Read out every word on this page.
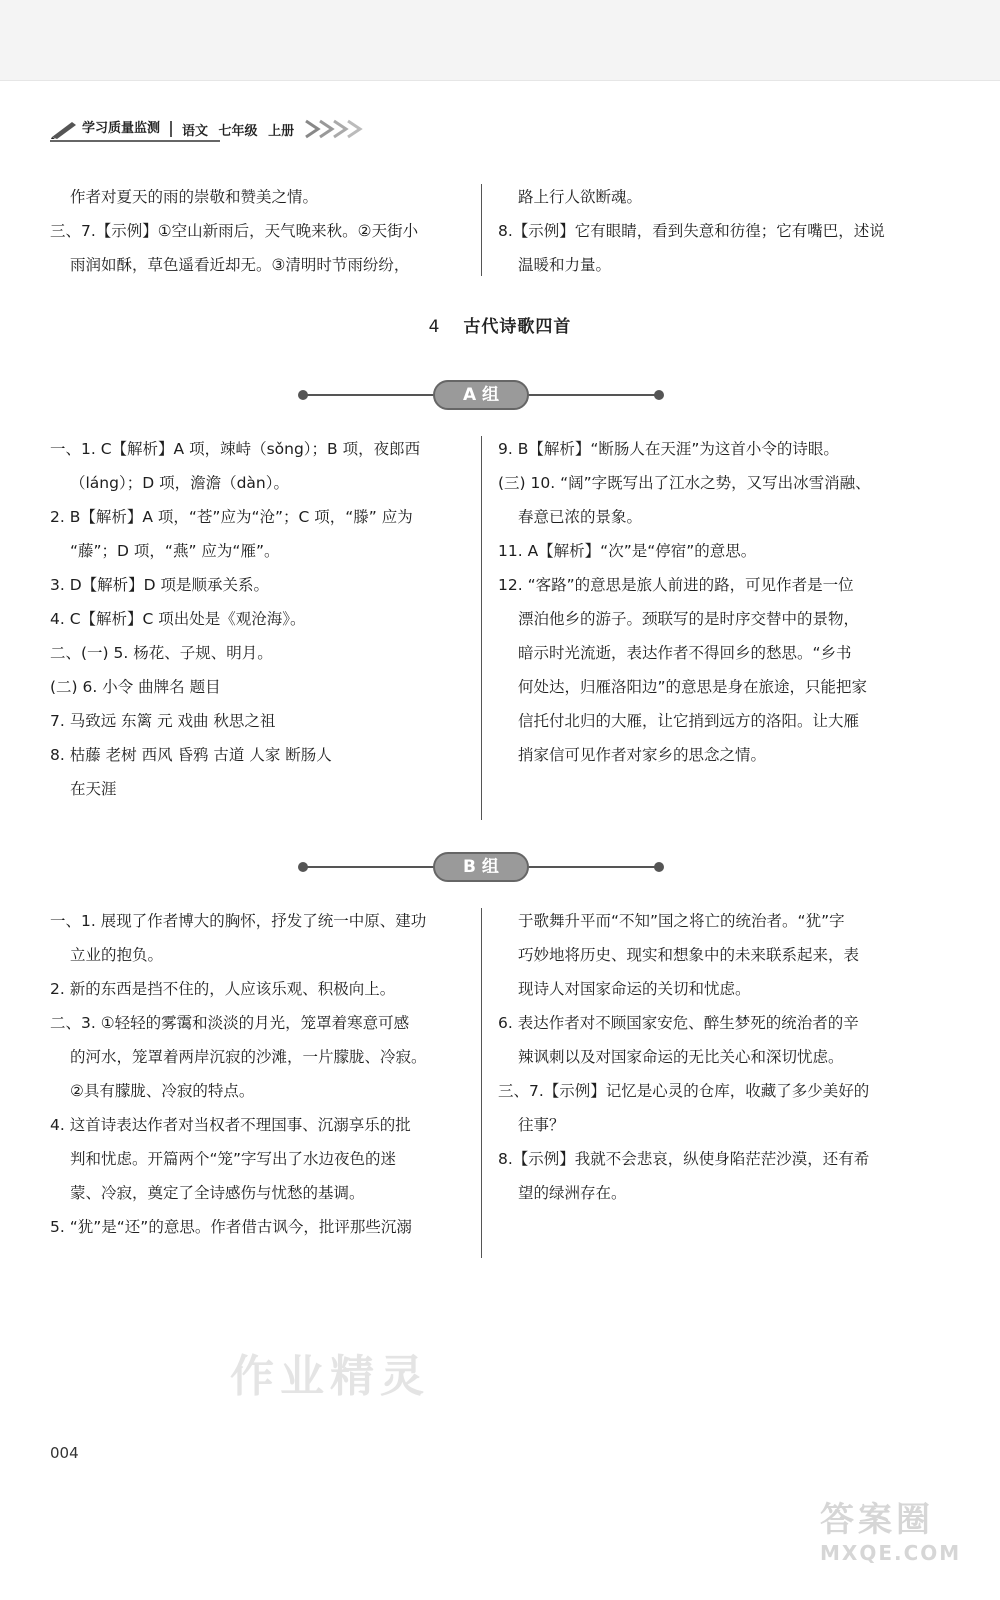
学习质量监测	语文 七年级 上册

作者对夏天的雨的崇敬和赞美之情。

三、7.【示例】①空山新雨后，天气晚来秋。②天街小

雨润如酥，草色遥看近却无。③清明时节雨纷纷，

路上行人欲断魂。

8.【示例】它有眼睛，看到失意和彷徨；它有嘴巴，述说

温暖和力量。

4 古代诗歌四首
A 组

一、1. C【解析】A 项，竦峙（sǒng）；B 项，夜郎西

（láng）；D 项，澹澹（dàn）。

2. B【解析】A 项，“苍”应为“沧”；C 项，“滕” 应为

“藤”；D 项，“燕” 应为“雁”。

3. D【解析】D 项是顺承关系。

4. C【解析】C 项出处是《观沧海》。

二、(一) 5. 杨花、子规、明月。

(二) 6. 小令 曲牌名 题目

7. 马致远 东篱 元 戏曲 秋思之祖

8. 枯藤 老树 西风 昏鸦 古道 人家 断肠人

在天涯

9. B【解析】“断肠人在天涯”为这首小令的诗眼。

(三) 10. “阔”字既写出了江水之势，又写出冰雪消融、

春意已浓的景象。

11. A【解析】“次”是“停宿”的意思。

12. “客路”的意思是旅人前进的路，可见作者是一位

漂泊他乡的游子。颈联写的是时序交替中的景物，

暗示时光流逝，表达作者不得回乡的愁思。“乡书

何处达，归雁洛阳边”的意思是身在旅途，只能把家

信托付北归的大雁，让它捎到远方的洛阳。让大雁

捎家信可见作者对家乡的思念之情。

B 组

一、1. 展现了作者博大的胸怀，抒发了统一中原、建功

立业的抱负。

2. 新的东西是挡不住的，人应该乐观、积极向上。

二、3. ①轻轻的雾霭和淡淡的月光，笼罩着寒意可感

的河水，笼罩着两岸沉寂的沙滩，一片朦胧、冷寂。

②具有朦胧、冷寂的特点。

4. 这首诗表达作者对当权者不理国事、沉溺享乐的批

判和忧虑。开篇两个“笼”字写出了水边夜色的迷

蒙、冷寂，奠定了全诗感伤与忧愁的基调。

5. “犹”是“还”的意思。作者借古讽今，批评那些沉溺

于歌舞升平而“不知”国之将亡的统治者。“犹”字

巧妙地将历史、现实和想象中的未来联系起来，表

现诗人对国家命运的关切和忧虑。

6. 表达作者对不顾国家安危、醉生梦死的统治者的辛

辣讽刺以及对国家命运的无比关心和深切忧虑。

三、7.【示例】记忆是心灵的仓库，收藏了多少美好的

往事？

8.【示例】我就不会悲哀，纵使身陷茫茫沙漠，还有希

望的绿洲存在。

004
作业精灵
答案圈
MXQE.COM
